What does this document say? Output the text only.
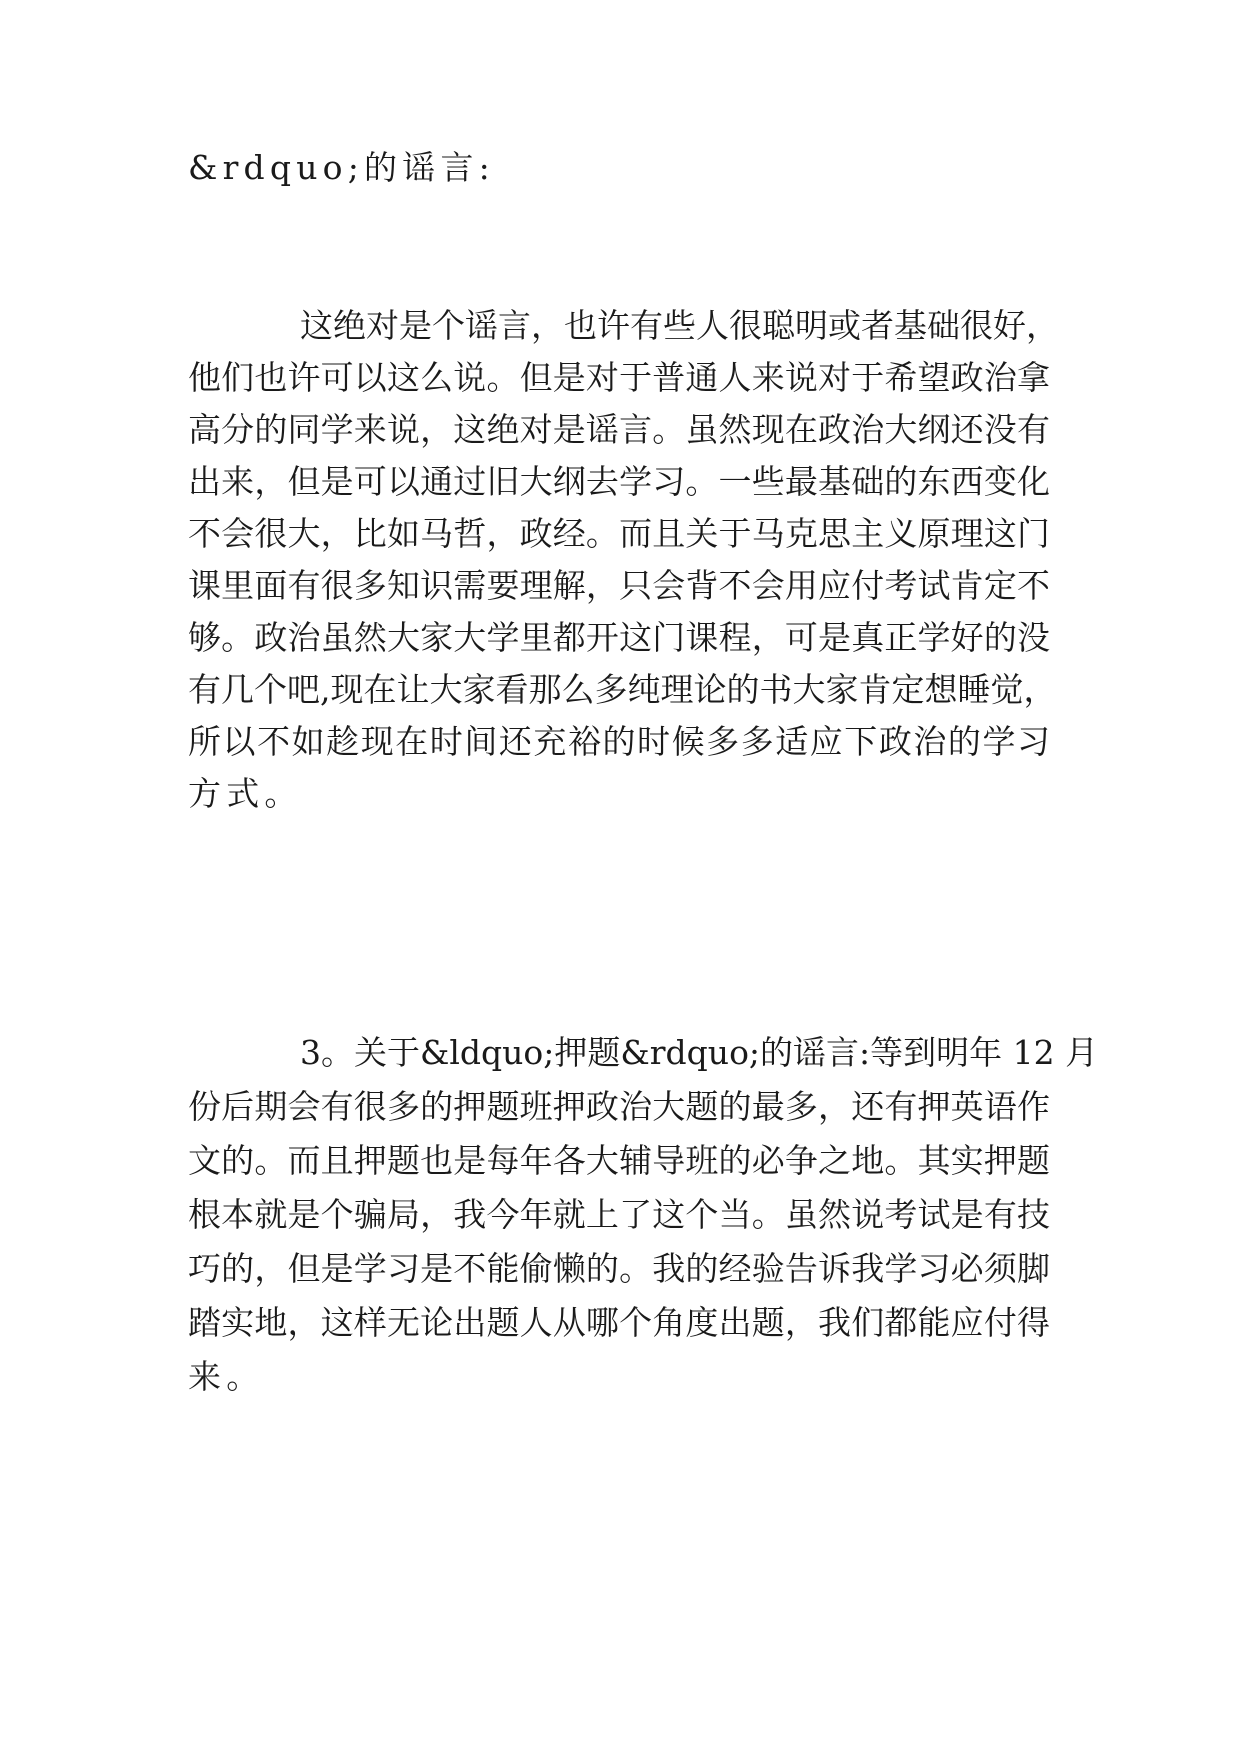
&rdquo;的谣言:
这绝对是个谣言，也许有些人很聪明或者基础很好，
他们也许可以这么说。但是对于普通人来说对于希望政治拿
高分的同学来说，这绝对是谣言。虽然现在政治大纲还没有
出来，但是可以通过旧大纲去学习。一些最基础的东西变化
不会很大，比如马哲，政经。而且关于马克思主义原理这门
课里面有很多知识需要理解，只会背不会用应付考试肯定不
够。政治虽然大家大学里都开这门课程，可是真正学好的没
有几个吧,现在让大家看那么多纯理论的书大家肯定想睡觉，
所以不如趁现在时间还充裕的时候多多适应下政治的学习
方式。
3。关于&ldquo;押题&rdquo;的谣言:等到明年 12 月
份后期会有很多的押题班押政治大题的最多，还有押英语作
文的。而且押题也是每年各大辅导班的必争之地。其实押题
根本就是个骗局，我今年就上了这个当。虽然说考试是有技
巧的，但是学习是不能偷懒的。我的经验告诉我学习必须脚
踏实地，这样无论出题人从哪个角度出题，我们都能应付得
来。
